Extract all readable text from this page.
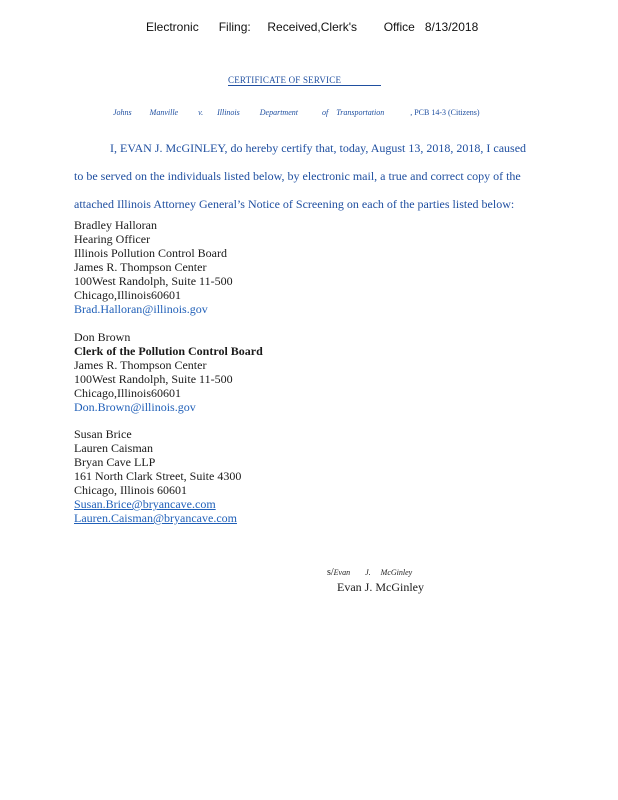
Electronic Filing: Received,Clerk's Office 8/13/2018
CERTIFICATE OF SERVICE
Johns Manville	v. Illinois	Department	of Transportation	, PCB 14-3 (Citizens)
I, EVAN J. McGINLEY, do hereby certify that, today, August 13, 2018, 2018, I caused
to be served on the individuals listed below, by electronic mail, a true and correct copy of the
attached Illinois Attorney General’s Notice of Screening on each of the parties listed below:
Bradley Halloran
Hearing Officer
Illinois Pollution Control Board
James R. Thompson Center
100West Randolph, Suite 11-500
Chicago,Illinois60601
Brad.Halloran@illinois.gov
Don Brown
Clerk of the Pollution Control Board
James R. Thompson Center
100West Randolph, Suite 11-500
Chicago,Illinois60601
Don.Brown@illinois.gov
Susan Brice
Lauren Caisman
Bryan Cave LLP
161 North Clark Street, Suite 4300
Chicago, Illinois 60601
Susan.Brice@bryancave.com
Lauren.Caisman@bryancave.com
s/Evan J. McGinley
Evan J. McGinley
